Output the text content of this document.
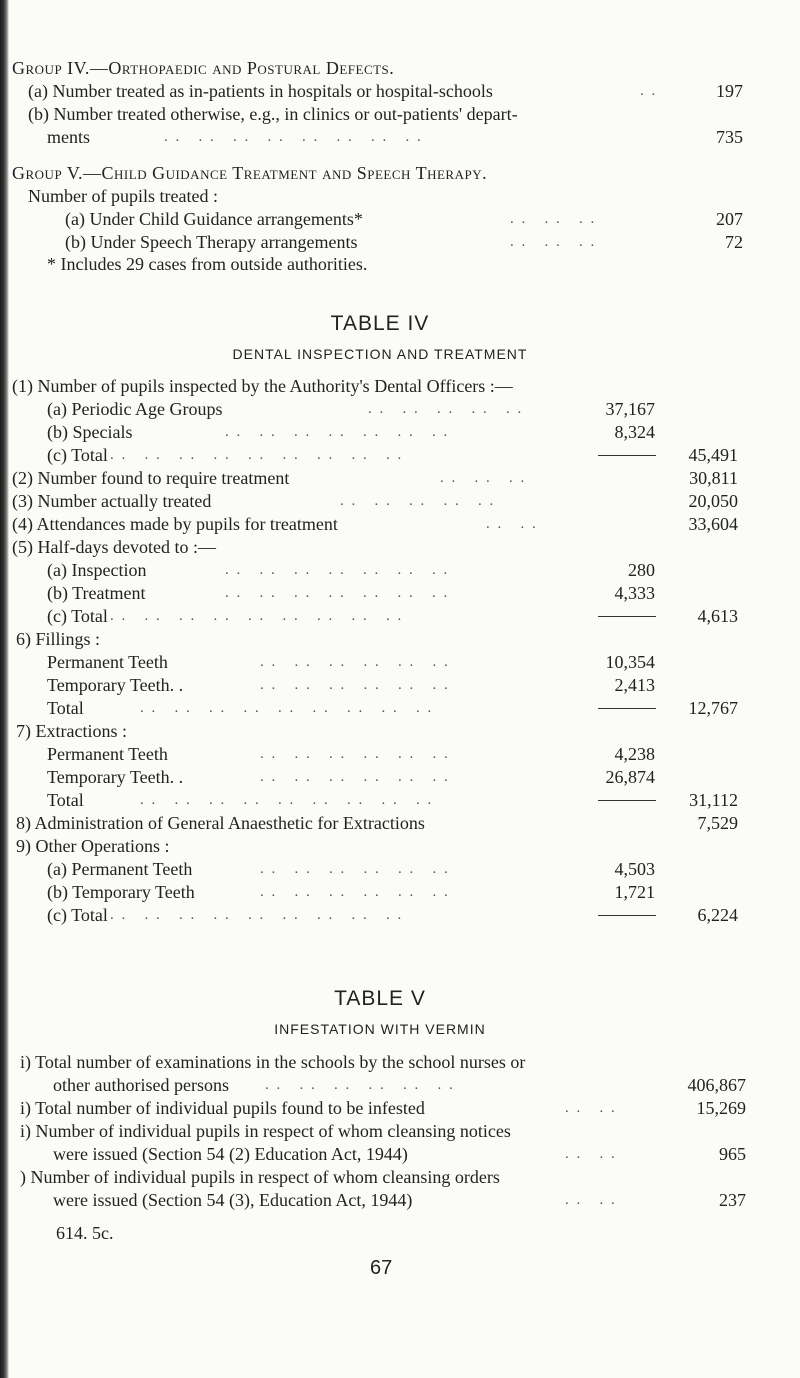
Group IV.—Orthopaedic and Postural Defects.
(a) Number treated as in-patients in hospitals or hospital-schools	. .	197
(b) Number treated otherwise, e.g., in clinics or out-patients' depart-
ments	. .   . .   . .   . .   . .   . .   . .   . .	735
Group V.—Child Guidance Treatment and Speech Therapy.
Number of pupils treated :
(a) Under Child Guidance arrangements*	. .   . .   . .	207
(b) Under Speech Therapy arrangements	. .   . .   . .	72
* Includes 29 cases from outside authorities.
TABLE IV
DENTAL INSPECTION AND TREATMENT
(1) Number of pupils inspected by the Authority's Dental Officers :—
(a) Periodic Age Groups	. .   . .   . .   . .   . .	37,167
(b) Specials	. .   . .   . .   . .   . .   . .   . .	8,324
(c) Total . .   . .   . .   . .   . .   . .   . .   . .   . .	45,491
(2) Number found to require treatment	. .   . .   . .	30,811
(3) Number actually treated	. .   . .   . .   . .   . .	20,050
(4) Attendances made by pupils for treatment	. .   . .	33,604
(5) Half-days devoted to :—
(a) Inspection	. .   . .   . .   . .   . .   . .   . .	280
(b) Treatment	. .   . .   . .   . .   . .   . .   . .	4,333
(c) Total . .   . .   . .   . .   . .   . .   . .   . .   . .	4,613
6) Fillings :
Permanent Teeth	. .   . .   . .   . .   . .   . .	10,354
Temporary Teeth. .	. .   . .   . .   . .   . .   . .	2,413
Total	. .   . .   . .   . .   . .   . .   . .   . .   . .	12,767
7) Extractions :
Permanent Teeth	. .   . .   . .   . .   . .   . .	4,238
Temporary Teeth. .	. .   . .   . .   . .   . .   . .	26,874
Total	. .   . .   . .   . .   . .   . .   . .   . .   . .	31,112
8) Administration of General Anaesthetic for Extractions	7,529
9) Other Operations :
(a) Permanent Teeth	. .   . .   . .   . .   . .   . .	4,503
(b) Temporary Teeth	. .   . .   . .   . .   . .   . .	1,721
(c) Total . .   . .   . .   . .   . .   . .   . .   . .   . .	6,224
TABLE V
INFESTATION WITH VERMIN
i) Total number of examinations in the schools by the school nurses or
other authorised persons . .   . .   . .   . .   . .   . .	406,867
i) Total number of individual pupils found to be infested	. .   . .	15,269
i) Number of individual pupils in respect of whom cleansing notices
were issued (Section 54 (2) Education Act, 1944)	. .   . .	965
) Number of individual pupils in respect of whom cleansing orders
were issued (Section 54 (3), Education Act, 1944)	. .   . .	237
614. 5c.
67
